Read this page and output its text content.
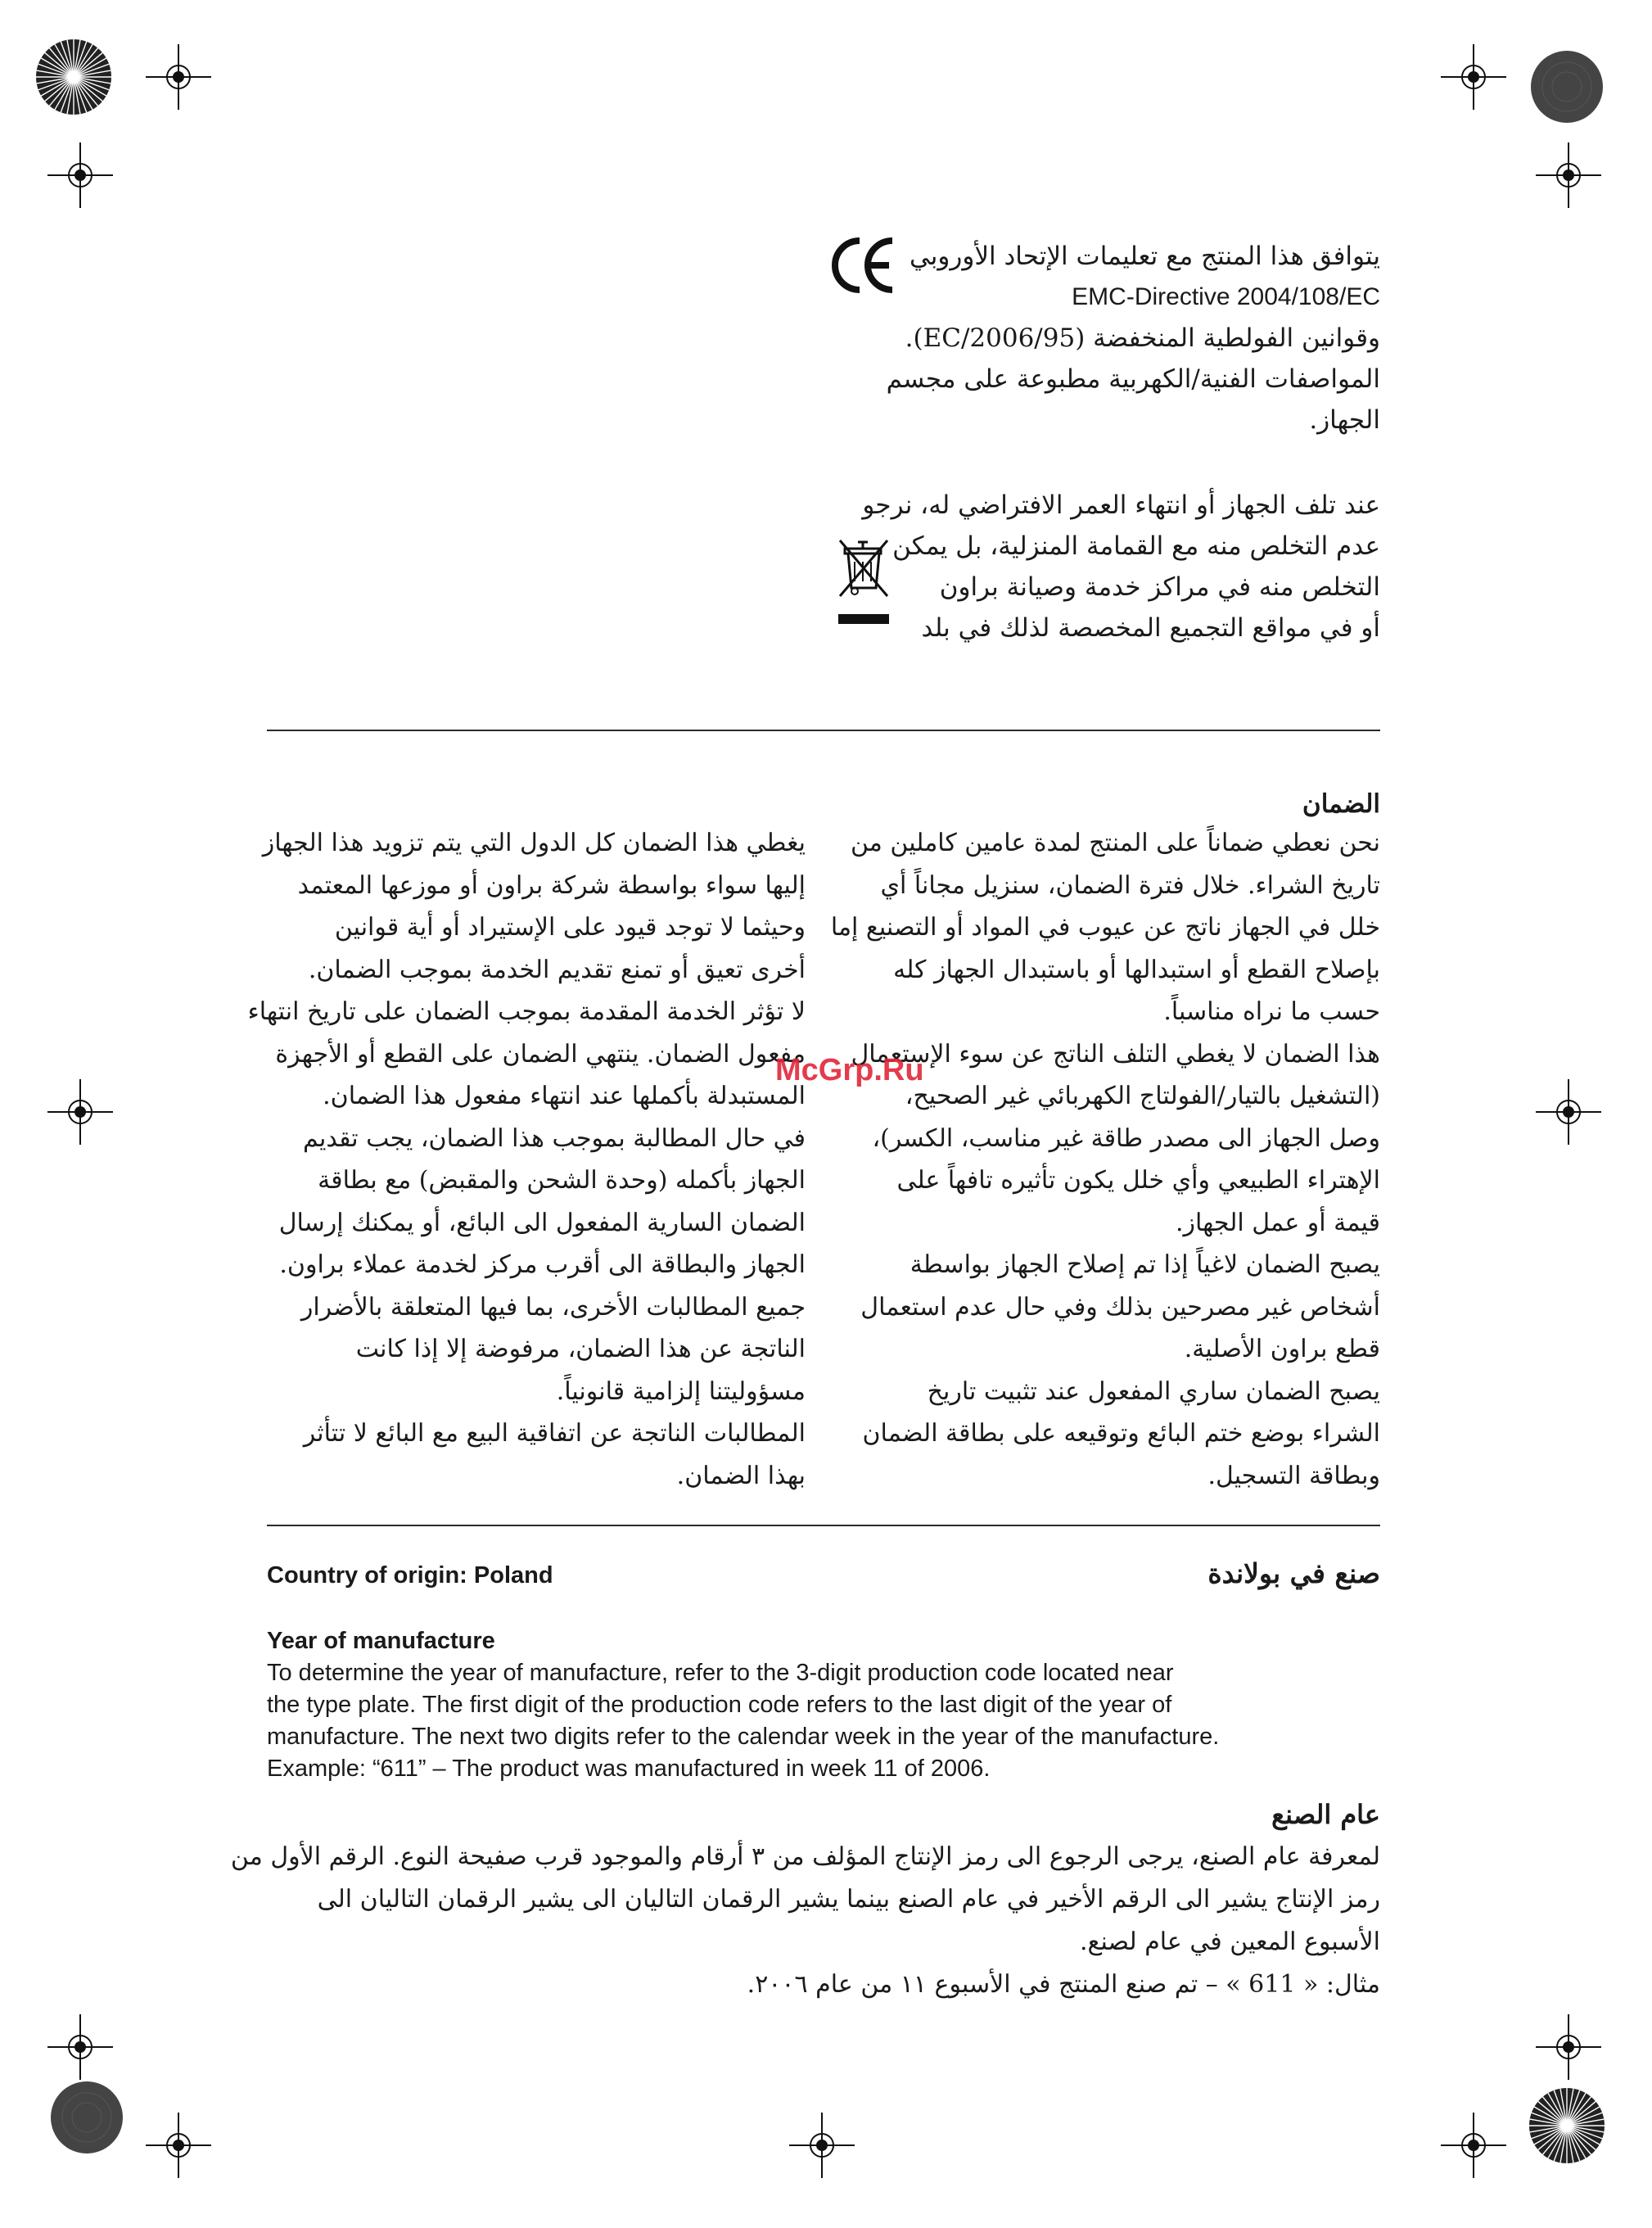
يتوافق هذا المنتج مع تعليمات الإتحاد الأوروبي
EMC-Directive 2004/108/EC
وقوانين الفولطية المنخفضة (2006/95/EC).
المواصفات الفنية/الكهربية مطبوعة على مجسم
الجهاز.
عند تلف الجهاز أو انتهاء العمر الافتراضي له، نرجو
عدم التخلص منه مع القمامة المنزلية، بل يمكن
التخلص منه في مراكز خدمة وصيانة براون
أو في مواقع التجميع المخصصة لذلك في بلد
الضمان
نحن نعطي ضماناً على المنتج لمدة عامين كاملين من
تاريخ الشراء. خلال فترة الضمان، سنزيل مجاناً أي
خلل في الجهاز ناتج عن عيوب في المواد أو التصنيع إما
بإصلاح القطع أو استبدالها أو باستبدال الجهاز كله
حسب ما نراه مناسباً.
هذا الضمان لا يغطي التلف الناتج عن سوء الإستعمال
(التشغيل بالتيار/الفولتاج الكهربائي غير الصحيح،
وصل الجهاز الى مصدر طاقة غير مناسب، الكسر)،
الإهتراء الطبيعي وأي خلل يكون تأثيره تافهاً على
قيمة أو عمل الجهاز.
يصبح الضمان لاغياً إذا تم إصلاح الجهاز بواسطة
أشخاص غير مصرحين بذلك وفي حال عدم استعمال
قطع براون الأصلية.
يصبح الضمان ساري المفعول عند تثبيت تاريخ
الشراء بوضع ختم البائع وتوقيعه على بطاقة الضمان
وبطاقة التسجيل.
يغطي هذا الضمان كل الدول التي يتم تزويد هذا الجهاز
إليها سواء بواسطة شركة براون أو موزعها المعتمد
وحيثما لا توجد قيود على الإستيراد أو أية قوانين
أخرى تعيق أو تمنع تقديم الخدمة بموجب الضمان.
لا تؤثر الخدمة المقدمة بموجب الضمان على تاريخ انتهاء
مفعول الضمان. ينتهي الضمان على القطع أو الأجهزة
المستبدلة بأكملها عند انتهاء مفعول هذا الضمان.
في حال المطالبة بموجب هذا الضمان، يجب تقديم
الجهاز بأكمله (وحدة الشحن والمقبض) مع بطاقة
الضمان السارية المفعول الى البائع، أو يمكنك إرسال
الجهاز والبطاقة الى أقرب مركز لخدمة عملاء براون.
جميع المطالبات الأخرى، بما فيها المتعلقة بالأضرار
الناتجة عن هذا الضمان، مرفوضة إلا إذا كانت
مسؤوليتنا إلزامية قانونياً.
المطالبات الناتجة عن اتفاقية البيع مع البائع لا تتأثر
بهذا الضمان.
McGrp.Ru
Country of origin: Poland	صنع في بولاندة
Year of manufacture
To determine the year of manufacture, refer to the 3-digit production code located near
the type plate. The first digit of the production code refers to the last digit of the year of
manufacture. The next two digits refer to the calendar week in the year of the manufacture.
Example: “611” – The product was manufactured in week 11 of 2006.
عام الصنع
لمعرفة عام الصنع، يرجى الرجوع الى رمز الإنتاج المؤلف من ٣ أرقام والموجود قرب صفيحة النوع. الرقم الأول من
رمز الإنتاج يشير الى الرقم الأخير في عام الصنع بينما يشير الرقمان التاليان الى يشير الرقمان التاليان الى
الأسبوع المعين في عام لصنع.
مثال: « 611 » – تم صنع المنتج في الأسبوع ١١ من عام ٢٠٠٦.
